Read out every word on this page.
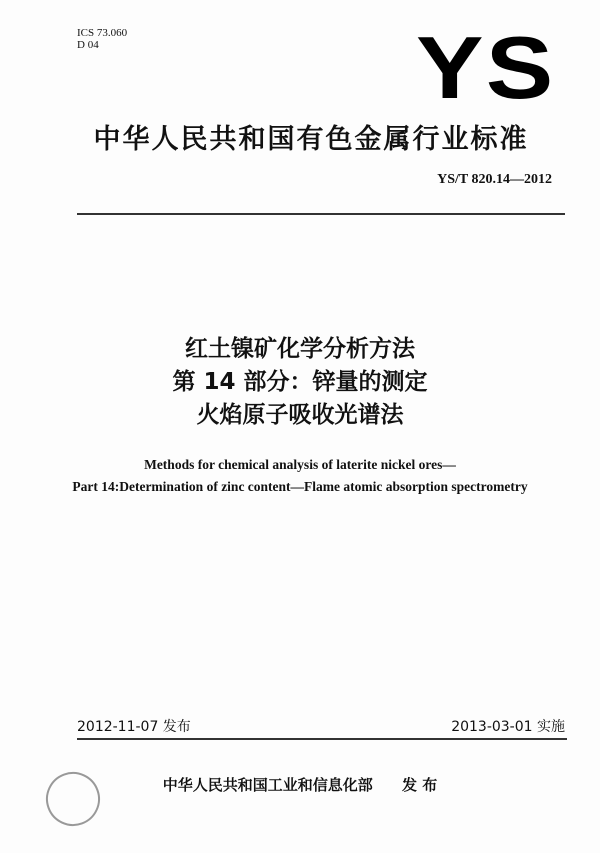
ICS 73.060
D 04	YS
中华人民共和国有色金属行业标准
YS/T 820.14—2012
红土镍矿化学分析方法
第 14 部分：锌量的测定
火焰原子吸收光谱法
Methods for chemical analysis of laterite nickel ores—
Part 14:Determination of zinc content—Flame atomic absorption spectrometry
2012-11-07 发布	2013-03-01 实施
中华人民共和国工业和信息化部 发 布
